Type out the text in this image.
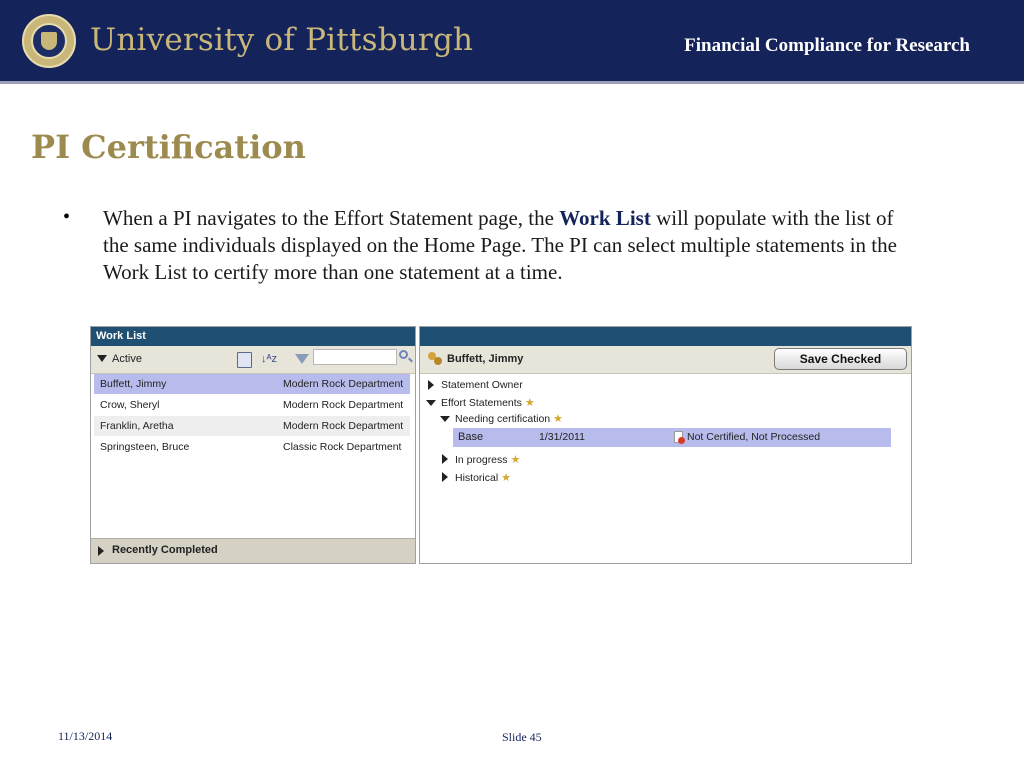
University of Pittsburgh	Financial Compliance for Research
PI Certification
• When a PI navigates to the Effort Statement page, the Work List will populate with the list of the same individuals displayed on the Home Page. The PI can select multiple statements in the Work List to certify more than one statement at a time.
Work List
Active	↓ᴬz
Buffett, Jimmy	Modern Rock Department
Crow, Sheryl	Modern Rock Department
Franklin, Aretha	Modern Rock Department
Springsteen, Bruce	Classic Rock Department
Recently Completed
Buffett, Jimmy	Save Checked
Statement Owner
Effort Statements ★
Needing certification ★
Base	1/31/2011	Not Certified, Not Processed
In progress ★
Historical ★
11/13/2014	Slide 45
